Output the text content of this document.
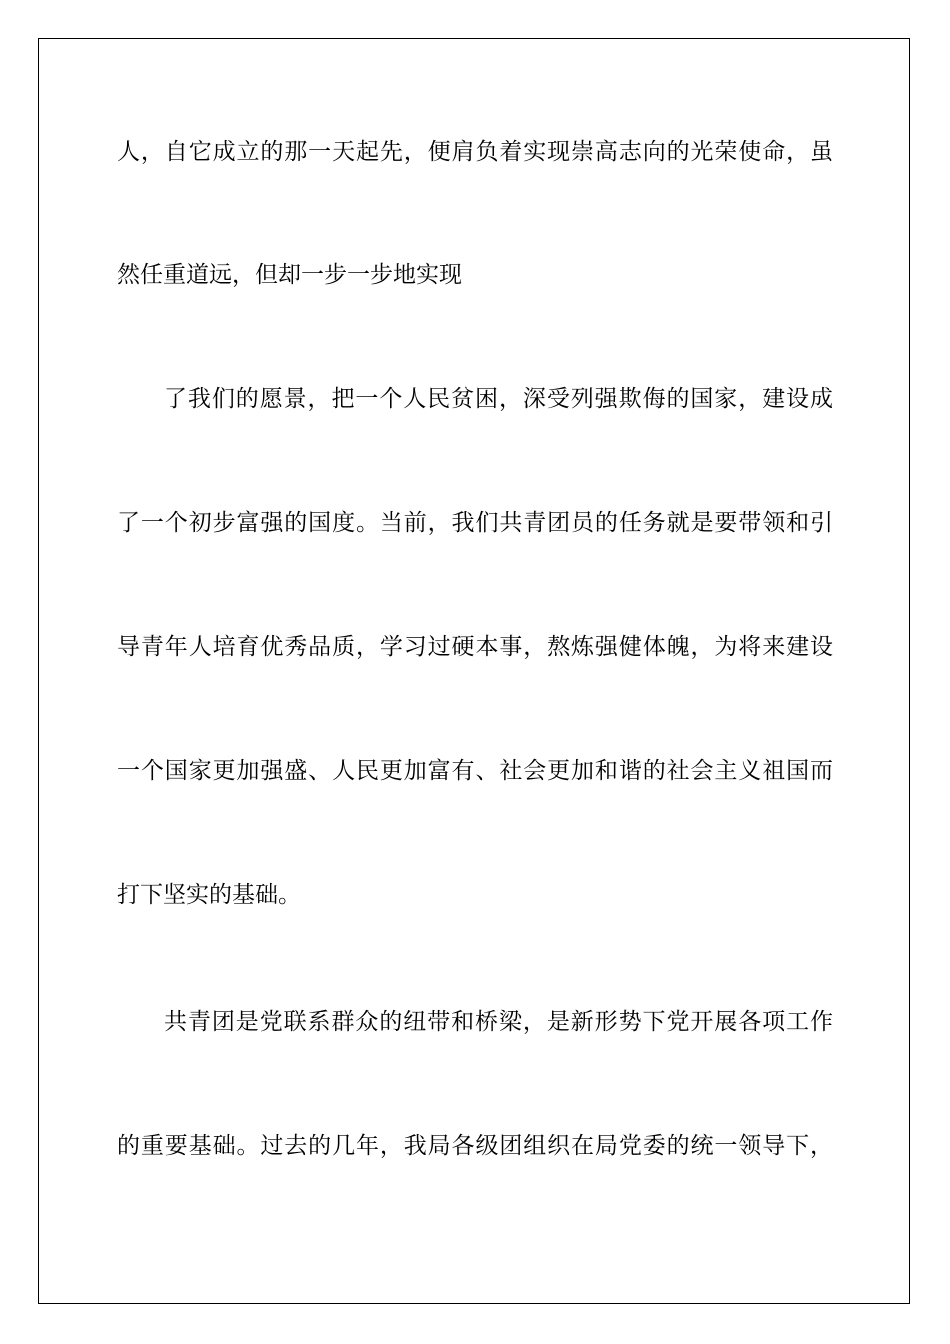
人，自它成立的那一天起先，便肩负着实现崇高志向的光荣使命，虽
然任重道远，但却一步一步地实现
了我们的愿景，把一个人民贫困，深受列强欺侮的国家，建设成
了一个初步富强的国度。当前，我们共青团员的任务就是要带领和引
导青年人培育优秀品质，学习过硬本事，熬炼强健体魄，为将来建设
一个国家更加强盛、人民更加富有、社会更加和谐的社会主义祖国而
打下坚实的基础。
共青团是党联系群众的纽带和桥梁，是新形势下党开展各项工作
的重要基础。过去的几年，我局各级团组织在局党委的统一领导下，
